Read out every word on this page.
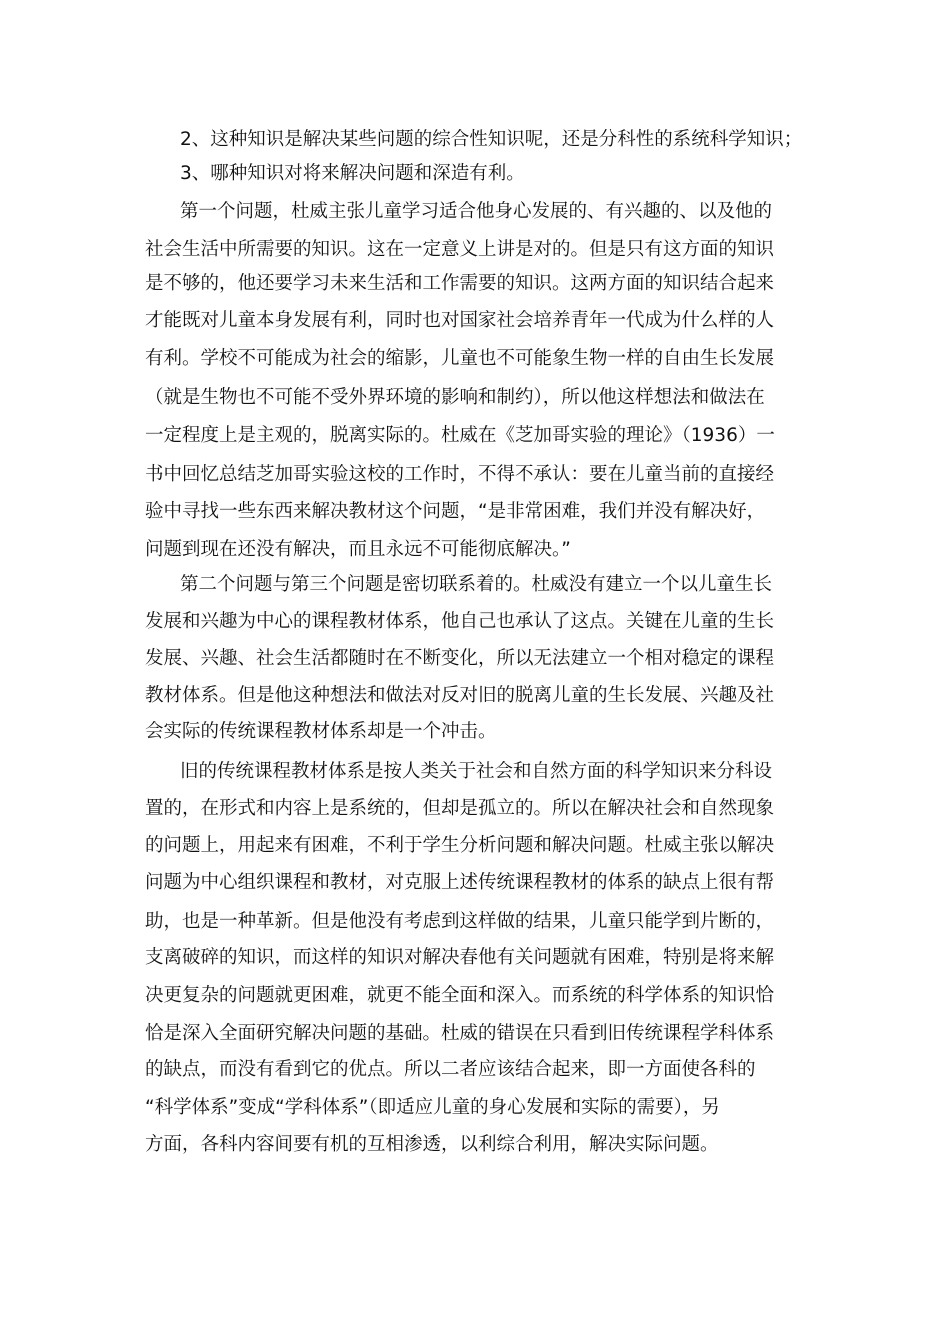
2、这种知识是解决某些问题的综合性知识呢，还是分科性的系统科学知识；
3、哪种知识对将来解决问题和深造有利。
第一个问题，杜威主张儿童学习适合他身心发展的、有兴趣的、以及他的
社会生活中所需要的知识。这在一定意义上讲是对的。但是只有这方面的知识
是不够的，他还要学习未来生活和工作需要的知识。这两方面的知识结合起来
才能既对儿童本身发展有利，同时也对国家社会培养青年一代成为什么样的人
有利。学校不可能成为社会的缩影，儿童也不可能象生物一样的自由生长发展
（就是生物也不可能不受外界环境的影响和制约），所以他这样想法和做法在
一定程度上是主观的，脱离实际的。杜威在《芝加哥实验的理论》（1936）一
书中回忆总结芝加哥实验这校的工作时，不得不承认：要在儿童当前的直接经
验中寻找一些东西来解决教材这个问题，“是非常困难，我们并没有解决好，
问题到现在还没有解决，而且永远不可能彻底解决。”
第二个问题与第三个问题是密切联系着的。杜威没有建立一个以儿童生长
发展和兴趣为中心的课程教材体系，他自己也承认了这点。关键在儿童的生长
发展、兴趣、社会生活都随时在不断变化，所以无法建立一个相对稳定的课程
教材体系。但是他这种想法和做法对反对旧的脱离儿童的生长发展、兴趣及社
会实际的传统课程教材体系却是一个冲击。
旧的传统课程教材体系是按人类关于社会和自然方面的科学知识来分科设
置的，在形式和内容上是系统的，但却是孤立的。所以在解决社会和自然现象
的问题上，用起来有困难，不利于学生分析问题和解决问题。杜威主张以解决
问题为中心组织课程和教材，对克服上述传统课程教材的体系的缺点上很有帮
助，也是一种革新。但是他没有考虑到这样做的结果，儿童只能学到片断的，
支离破碎的知识，而这样的知识对解决春他有关问题就有困难，特别是将来解
决更复杂的问题就更困难，就更不能全面和深入。而系统的科学体系的知识恰
恰是深入全面研究解决问题的基础。杜威的错误在只看到旧传统课程学科体系
的缺点，而没有看到它的优点。所以二者应该结合起来，即一方面使各科的
“科学体系”变成“学科体系”（即适应儿童的身心发展和实际的需要），另
方面，各科内容间要有机的互相渗透，以利综合利用，解决实际问题。
